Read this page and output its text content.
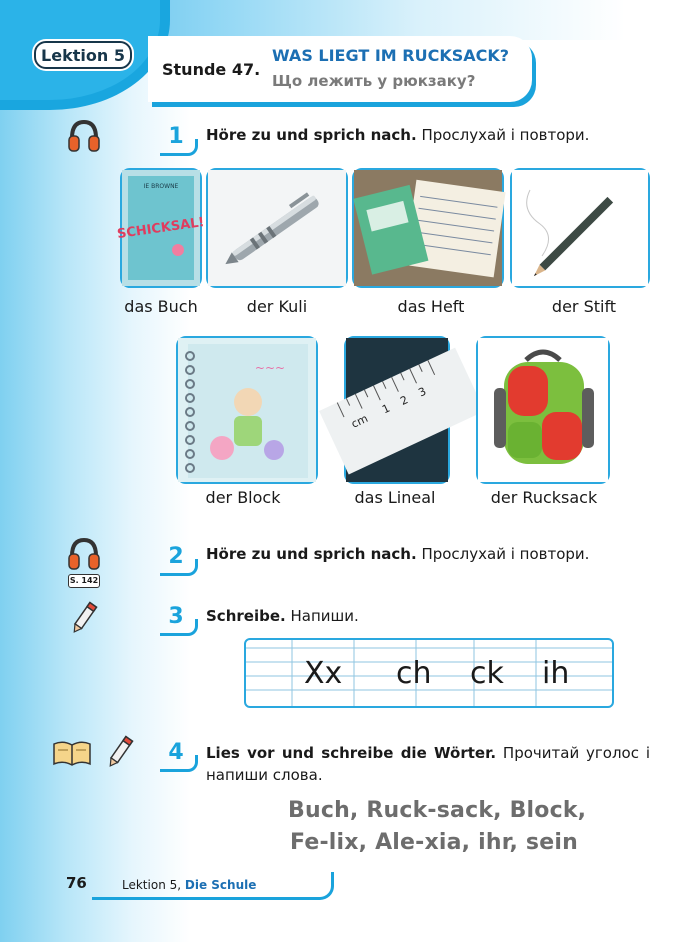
Lektion 5
Stunde 47.
WAS LIEGT IM RUCKSACK?
Що лежить у рюкзаку?
1	Höre zu und sprich nach. Прослухай і повтори.
IE BROWNE
SCHICKSAL!
das Buch	der Kuli	das Heft	der Stift
~~~
cm
1
2
3
der Block	das Lineal	der Rucksack
S. 142
2	Höre zu und sprich nach. Прослухай і повтори.
3	Schreibe. Напиши.
Xx ch ck ih
4	Lies vor und schreibe die Wörter. Прочитай уголос і напиши слова.
Buch, Ruck-sack, Block,
Fe-lix, Ale-xia, ihr, sein
76	Lektion 5, Die Schule
